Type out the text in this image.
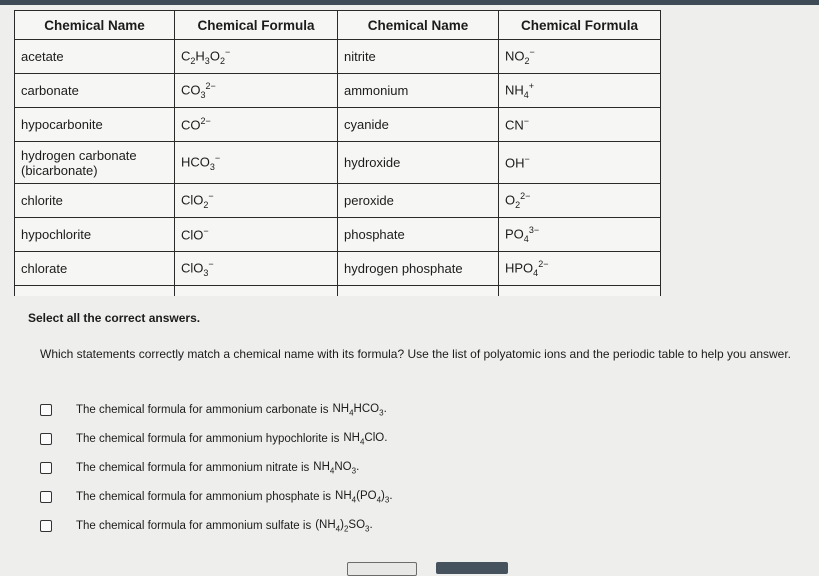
Chemical Name	Chemical Formula	Chemical Name	Chemical Formula
acetate	$C_2H_3O_2^-$	nitrite	$NO_2^-$
carbonate	$CO_3^{2-}$	ammonium	$NH_4^+$
hypocarbonite	$CO^{2-}$	cyanide	CN−
hydrogen carbonate (bicarbonate)	$HCO_3^-$	hydroxide	OH−
chlorite	ClO$_2$−	peroxide	$O_2^{2-}$
hypochlorite	ClO−	phosphate	$PO_4^{3-}$
chlorate	ClO$_3$−	hydrogen phosphate	$HPO_4^{2-}$

Select all the correct answers.
Which statements correctly match a chemical name with its formula? Use the list of polyatomic ions and the periodic table to help you answer.
The chemical formula for ammonium carbonate is $NH_4HCO_3$.
The chemical formula for ammonium hypochlorite is $NH_4ClO$.
The chemical formula for ammonium nitrate is $NH_4NO_3$.
The chemical formula for ammonium phosphate is $NH_4(PO_4)_3$.
The chemical formula for ammonium sulfate is $(NH_4)_2SO_3$.
